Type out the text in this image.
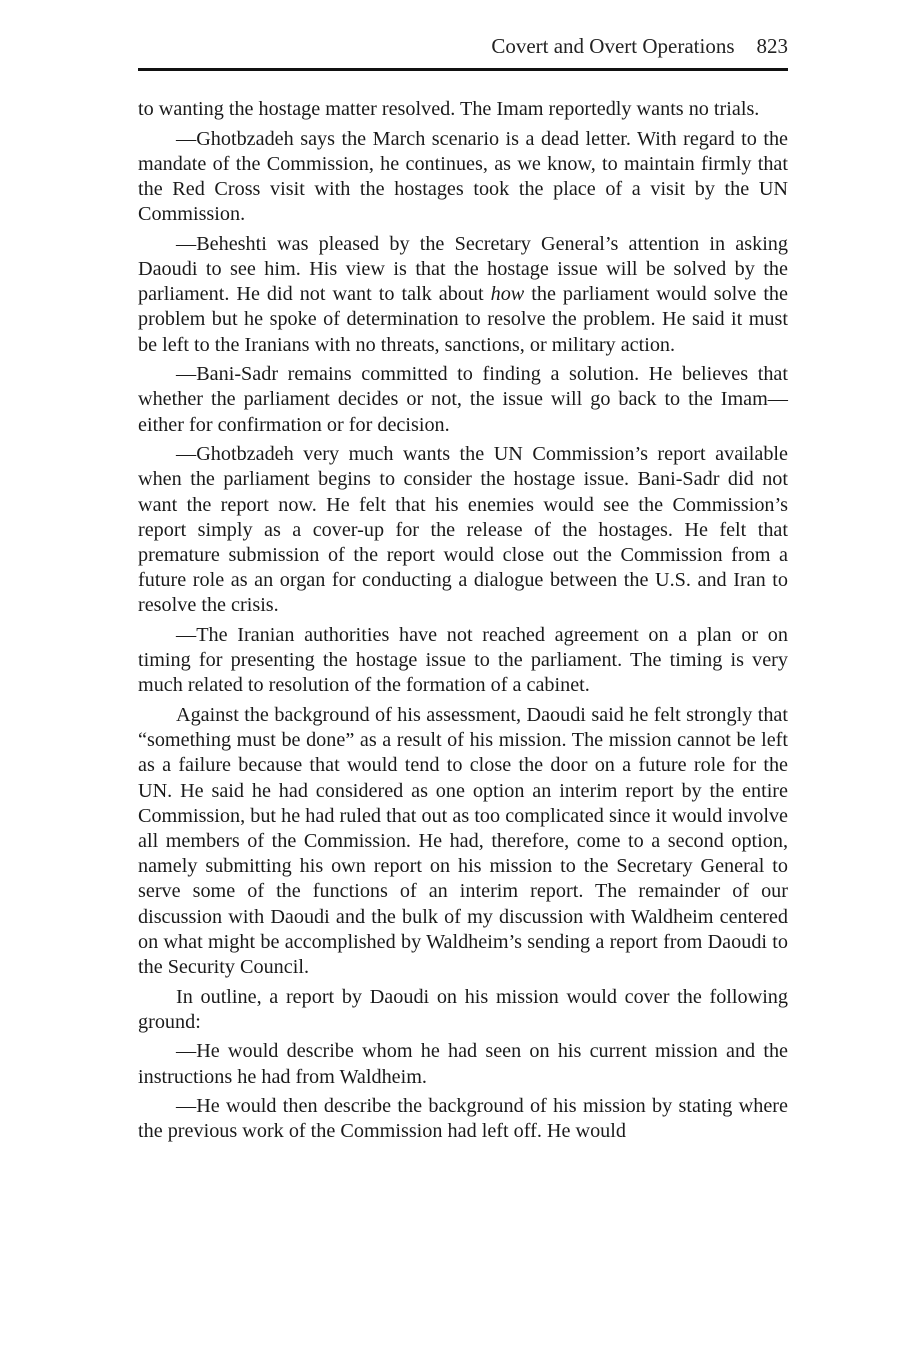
Covert and Overt Operations 823

to wanting the hostage matter resolved. The Imam reportedly wants no trials.

—Ghotbzadeh says the March scenario is a dead letter. With regard to the mandate of the Commission, he continues, as we know, to maintain firmly that the Red Cross visit with the hostages took the place of a visit by the UN Commission.

—Beheshti was pleased by the Secretary General’s attention in asking Daoudi to see him. His view is that the hostage issue will be solved by the parliament. He did not want to talk about how the parliament would solve the problem but he spoke of determination to resolve the problem. He said it must be left to the Iranians with no threats, sanctions, or military action.

—Bani-Sadr remains committed to finding a solution. He believes that whether the parliament decides or not, the issue will go back to the Imam—either for confirmation or for decision.

—Ghotbzadeh very much wants the UN Commission’s report available when the parliament begins to consider the hostage issue. Bani-Sadr did not want the report now. He felt that his enemies would see the Commission’s report simply as a cover-up for the release of the hostages. He felt that premature submission of the report would close out the Commission from a future role as an organ for conducting a dialogue between the U.S. and Iran to resolve the crisis.

—The Iranian authorities have not reached agreement on a plan or on timing for presenting the hostage issue to the parliament. The timing is very much related to resolution of the formation of a cabinet.

Against the background of his assessment, Daoudi said he felt strongly that “something must be done” as a result of his mission. The mission cannot be left as a failure because that would tend to close the door on a future role for the UN. He said he had considered as one option an interim report by the entire Commission, but he had ruled that out as too complicated since it would involve all members of the Commission. He had, therefore, come to a second option, namely submitting his own report on his mission to the Secretary General to serve some of the functions of an interim report. The remainder of our discussion with Daoudi and the bulk of my discussion with Waldheim centered on what might be accomplished by Waldheim’s sending a report from Daoudi to the Security Council.

In outline, a report by Daoudi on his mission would cover the following ground:

—He would describe whom he had seen on his current mission and the instructions he had from Waldheim.

—He would then describe the background of his mission by stating where the previous work of the Commission had left off. He would
